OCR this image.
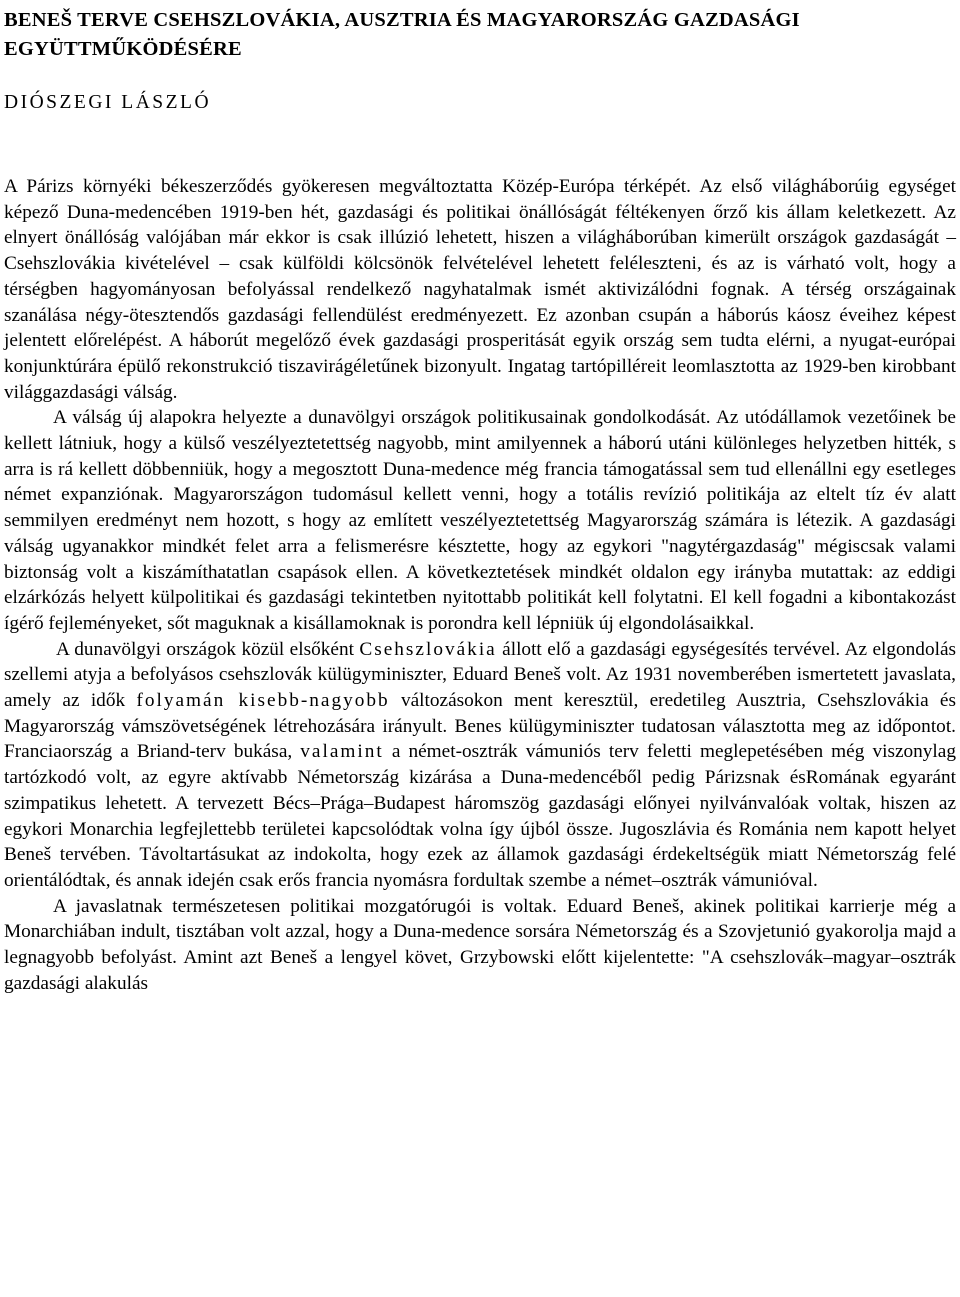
BENEŠ TERVE CSEHSZLOVÁKIA, AUSZTRIA ÉS MAGYARORSZÁG GAZDASÁGI EGYÜTTMŰKÖDÉSÉRE
DIÓSZEGI LÁSZLÓ

A Párizs környéki békeszerződés gyökeresen megváltoztatta Közép-Európa térképét. Az első világháborúig egységet képező Duna-medencében 1919-ben hét, gazdasági és politikai önállóságát féltékenyen őrző kis állam keletkezett. Az elnyert önállóság valójában már ekkor is csak illúzió lehetett, hiszen a világháborúban kimerült országok gazdaságát – Csehszlovákia kivételével – csak külföldi kölcsönök felvételével lehetett feléleszteni, és az is várható volt, hogy a térségben hagyományosan befolyással rendelkező nagyhatalmak ismét aktivizálódni fognak. A térség országainak szanálása négy-ötesztendős gazdasági fellendülést eredményezett. Ez azonban csupán a háborús káosz éveihez képest jelentett előrelépést. A háborút megelőző évek gazdasági prosperitását egyik ország sem tudta elérni, a nyugat-európai konjunktúrára épülő rekonstrukció tiszavirágéletűnek bizonyult. Ingatag tartópilléreit leomlasztotta az 1929-ben kirobbant világgazdasági válság.

A válság új alapokra helyezte a dunavölgyi országok politikusainak gondolkodását. Az utódállamok vezetőinek be kellett látniuk, hogy a külső veszélyeztetettség nagyobb, mint amilyennek a háború utáni különleges helyzetben hitték, s arra is rá kellett döbbenniük, hogy a megosztott Duna-medence még francia támogatással sem tud ellenállni egy esetleges német expanziónak. Magyarországon tudomásul kellett venni, hogy a totális revízió politikája az eltelt tíz év alatt semmilyen eredményt nem hozott, s hogy az említett veszélyeztetettség Magyarország számára is létezik. A gazdasági válság ugyanakkor mindkét felet arra a felismerésre késztette, hogy az egykori "nagytérgazdaság" mégiscsak valami biztonság volt a kiszámíthatatlan csapások ellen. A következtetések mindkét oldalon egy irányba mutattak: az eddigi elzárkózás helyett külpolitikai és gazdasági tekintetben nyitottabb politikát kell folytatni. El kell fogadni a kibontakozást ígérő fejleményeket, sőt maguknak a kisállamoknak is porondra kell lépniük új elgondolásaikkal.

A dunavölgyi országok közül elsőként Csehszlovákia állott elő a gazdasági egységesítés tervével. Az elgondolás szellemi atyja a befolyásos csehszlovák külügyminiszter, Eduard Beneš volt. Az 1931 novemberében ismertetett javaslata, amely az idők folyamán kisebb-nagyobb változásokon ment keresztül, eredetileg Ausztria, Csehszlovákia és Magyarország vámszövetségének létrehozására irányult. Benes külügyminiszter tudatosan választotta meg az időpontot. Franciaország a Briand-terv bukása, valamint a német-osztrák vámuniós terv feletti meglepetésében még viszonylag tartózkodó volt, az egyre aktívabb Németország kizárása a Duna-medencéből pedig Párizsnak ésRomának egyaránt szimpatikus lehetett. A tervezett Bécs–Prága–Budapest háromszög gazdasági előnyei nyilvánvalóak voltak, hiszen az egykori Monarchia legfejlettebb területei kapcsolódtak volna így újból össze. Jugoszlávia és Románia nem kapott helyet Beneš tervében. Távoltartásukat az indokolta, hogy ezek az államok gazdasági érdekeltségük miatt Németország felé orientálódtak, és annak idején csak erős francia nyomásra fordultak szembe a német–osztrák vámunióval.

A javaslatnak természetesen politikai mozgatórugói is voltak. Eduard Beneš, akinek politikai karrierje még a Monarchiában indult, tisztában volt azzal, hogy a Duna-medence sorsára Németország és a Szovjetunió gyakorolja majd a legnagyobb befolyást. Amint azt Beneš a lengyel követ, Grzybowski előtt kijelentette: "A csehszlovák–magyar–osztrák gazdasági alakulás
